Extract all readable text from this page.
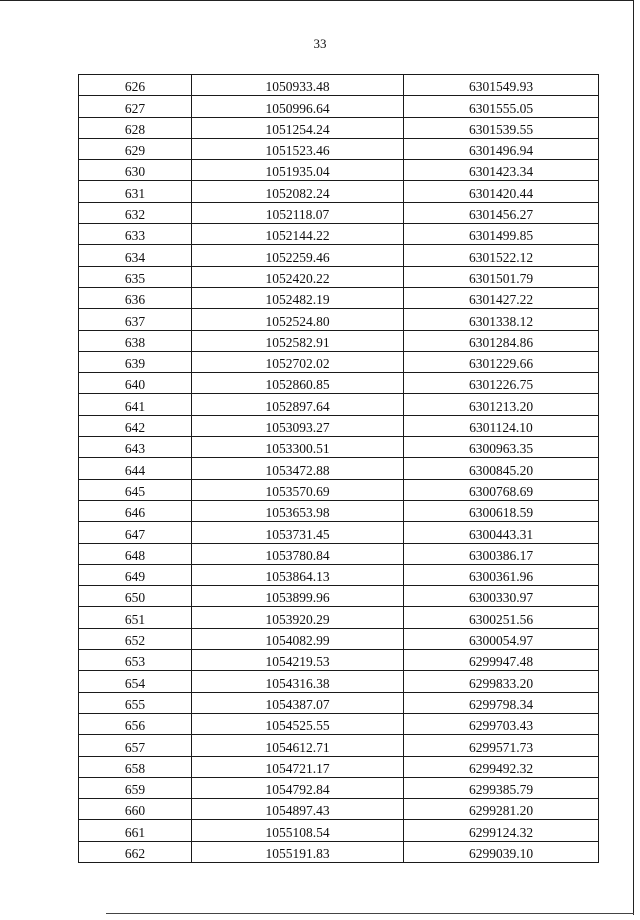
33
626	1050933.48	6301549.93
627	1050996.64	6301555.05
628	1051254.24	6301539.55
629	1051523.46	6301496.94
630	1051935.04	6301423.34
631	1052082.24	6301420.44
632	1052118.07	6301456.27
633	1052144.22	6301499.85
634	1052259.46	6301522.12
635	1052420.22	6301501.79
636	1052482.19	6301427.22
637	1052524.80	6301338.12
638	1052582.91	6301284.86
639	1052702.02	6301229.66
640	1052860.85	6301226.75
641	1052897.64	6301213.20
642	1053093.27	6301124.10
643	1053300.51	6300963.35
644	1053472.88	6300845.20
645	1053570.69	6300768.69
646	1053653.98	6300618.59
647	1053731.45	6300443.31
648	1053780.84	6300386.17
649	1053864.13	6300361.96
650	1053899.96	6300330.97
651	1053920.29	6300251.56
652	1054082.99	6300054.97
653	1054219.53	6299947.48
654	1054316.38	6299833.20
655	1054387.07	6299798.34
656	1054525.55	6299703.43
657	1054612.71	6299571.73
658	1054721.17	6299492.32
659	1054792.84	6299385.79
660	1054897.43	6299281.20
661	1055108.54	6299124.32
662	1055191.83	6299039.10
